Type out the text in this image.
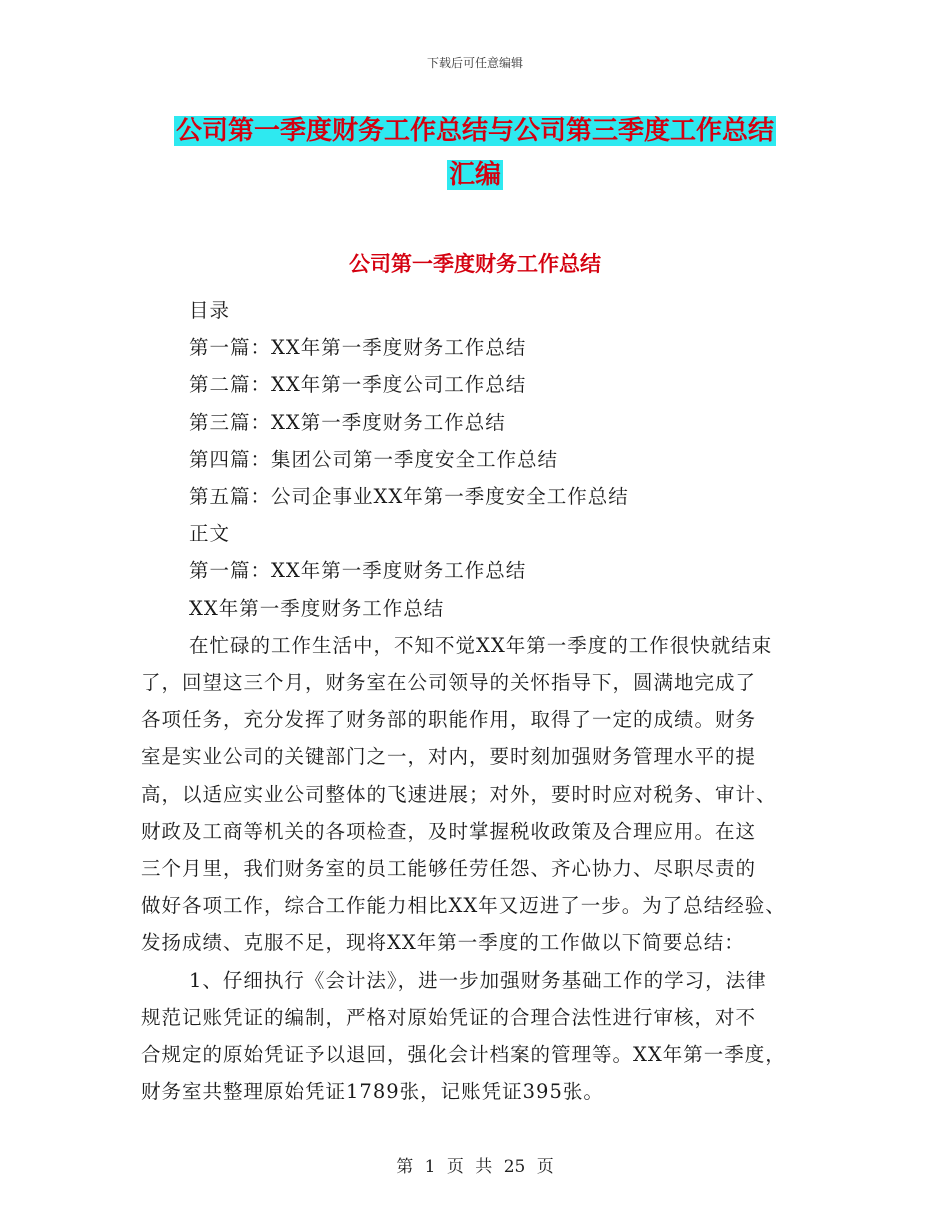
下载后可任意编辑
公司第一季度财务工作总结与公司第三季度工作总结
汇编
公司第一季度财务工作总结
目录
第一篇：XX年第一季度财务工作总结
第二篇：XX年第一季度公司工作总结
第三篇：XX第一季度财务工作总结
第四篇：集团公司第一季度安全工作总结
第五篇：公司企事业XX年第一季度安全工作总结
正文
第一篇：XX年第一季度财务工作总结
XX年第一季度财务工作总结
在忙碌的工作生活中，不知不觉XX年第一季度的工作很快就结束
了，回望这三个月，财务室在公司领导的关怀指导下，圆满地完成了
各项任务，充分发挥了财务部的职能作用，取得了一定的成绩。财务
室是实业公司的关键部门之一，对内，要时刻加强财务管理水平的提
高，以适应实业公司整体的飞速进展；对外，要时时应对税务、审计、
财政及工商等机关的各项检查，及时掌握税收政策及合理应用。在这
三个月里，我们财务室的员工能够任劳任怨、齐心协力、尽职尽责的
做好各项工作，综合工作能力相比XX年又迈进了一步。为了总结经验、
发扬成绩、克服不足，现将XX年第一季度的工作做以下简要总结：
1、仔细执行《会计法》，进一步加强财务基础工作的学习，法律
规范记账凭证的编制，严格对原始凭证的合理合法性进行审核，对不
合规定的原始凭证予以退回，强化会计档案的管理等。XX年第一季度，
财务室共整理原始凭证1789张，记账凭证395张。
第 1 页 共 25 页
